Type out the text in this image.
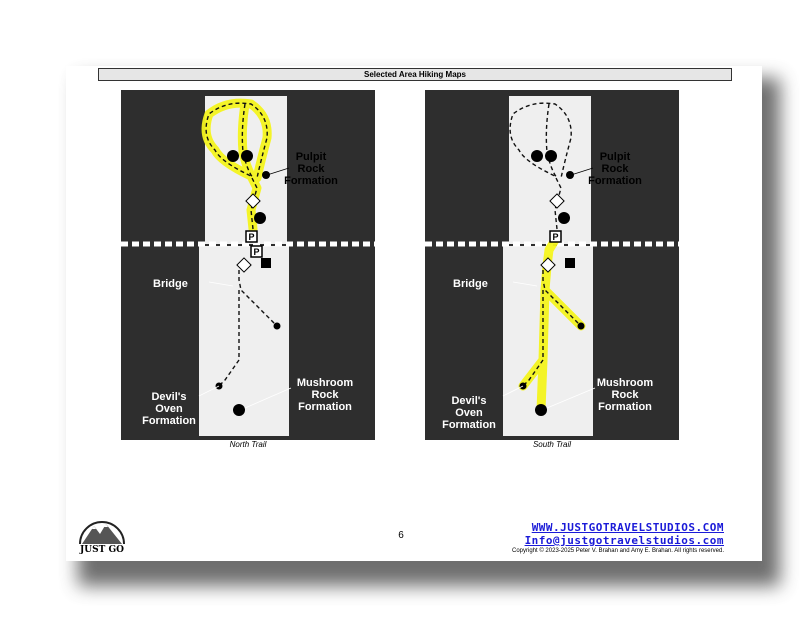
Selected Area Hiking Maps
P
P
Pulpit
Rock
Formation
Bridge
Devil's
Oven
Formation
Mushroom
Rock
Formation
North Trail
P
Pulpit
Rock
Formation
Bridge
Devil's
Oven
Formation
Mushroom
Rock
Formation
South Trail
JUST GO
6
WWW.JUSTGOTRAVELSTUDIOS.COM
Info@justgotravelstudios.com
Copyright © 2023-2025 Peter V. Brahan and Amy E. Brahan. All rights reserved.
